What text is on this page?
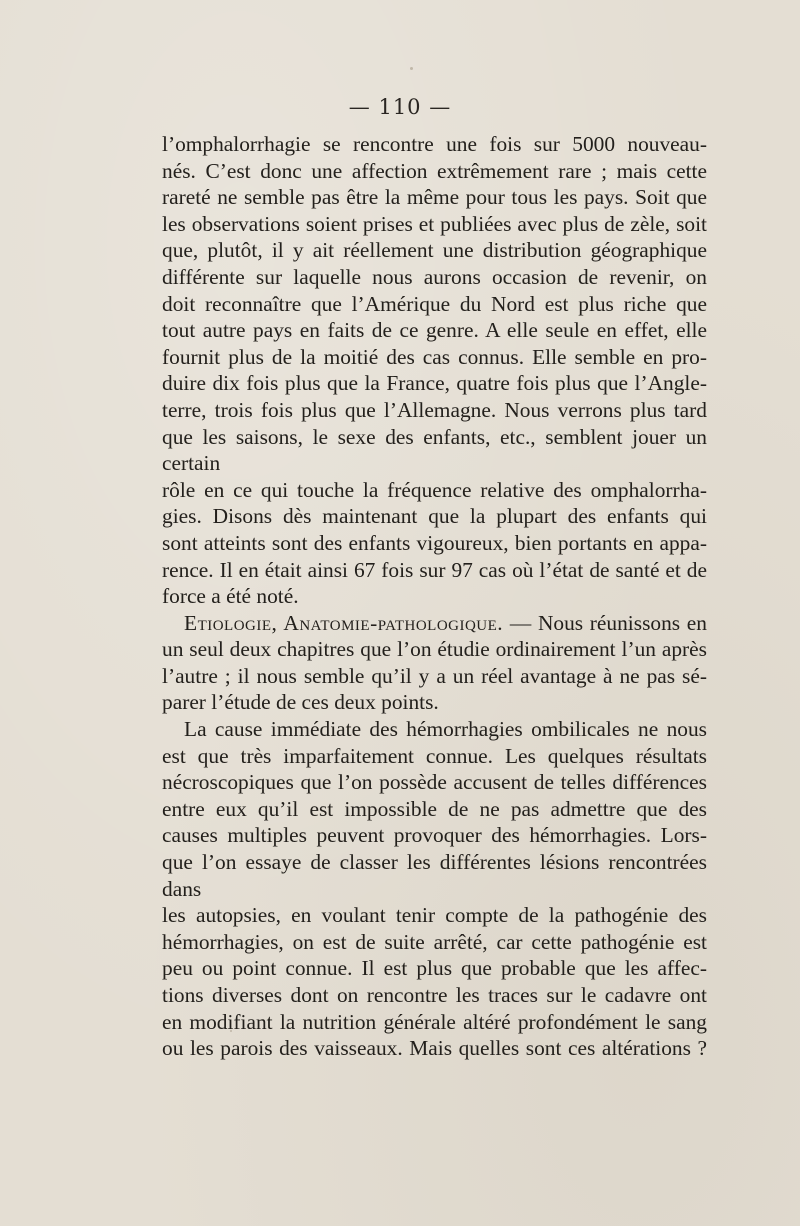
— 110 —

l’omphalorrhagie se rencontre une fois sur 5000 nouveau-

nés. C’est donc une affection extrêmement rare ; mais cette

rareté ne semble pas être la même pour tous les pays. Soit que

les observations soient prises et publiées avec plus de zèle, soit

que, plutôt, il y ait réellement une distribution géographique

différente sur laquelle nous aurons occasion de revenir, on

doit reconnaître que l’Amérique du Nord est plus riche que

tout autre pays en faits de ce genre. A elle seule en effet, elle

fournit plus de la moitié des cas connus. Elle semble en pro-

duire dix fois plus que la France, quatre fois plus que l’Angle-

terre, trois fois plus que l’Allemagne. Nous verrons plus tard

que les saisons, le sexe des enfants, etc., semblent jouer un certain

rôle en ce qui touche la fréquence relative des omphalorrha-

gies. Disons dès maintenant que la plupart des enfants qui

sont atteints sont des enfants vigoureux, bien portants en appa-

rence. Il en était ainsi 67 fois sur 97 cas où l’état de santé et de

force a été noté.

Etiologie, Anatomie-pathologique. — Nous réunissons en

un seul deux chapitres que l’on étudie ordinairement l’un après

l’autre ; il nous semble qu’il y a un réel avantage à ne pas sé-

parer l’étude de ces deux points.

La cause immédiate des hémorrhagies ombilicales ne nous

est que très imparfaitement connue. Les quelques résultats

nécroscopiques que l’on possède accusent de telles différences

entre eux qu’il est impossible de ne pas admettre que des

causes multiples peuvent provoquer des hémorrhagies. Lors-

que l’on essaye de classer les différentes lésions rencontrées dans

les autopsies, en voulant tenir compte de la pathogénie des

hémorrhagies, on est de suite arrêté, car cette pathogénie est

peu ou point connue. Il est plus que probable que les affec-

tions diverses dont on rencontre les traces sur le cadavre ont

en modifiant la nutrition générale altéré profondément le sang

ou les parois des vaisseaux. Mais quelles sont ces altérations ?
